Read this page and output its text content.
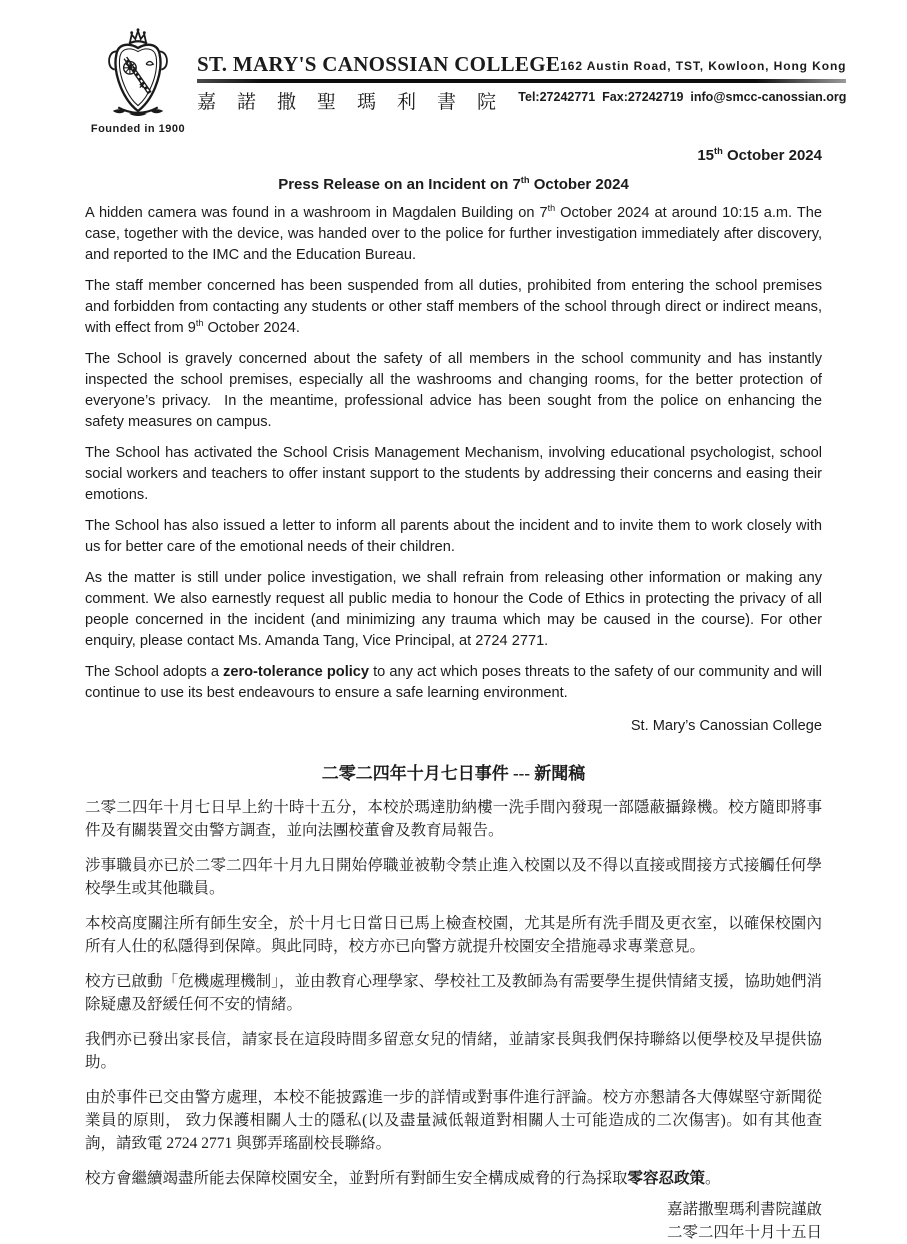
Founded in 1900
ST. MARY'S CANOSSIAN COLLEGE 162 Austin Road, TST, Kowloon, Hong Kong
嘉諾撒聖瑪利書院 Tel:27242771  Fax:27242719  info@smcc-canossian.org
15th October 2024
Press Release on an Incident on 7th October 2024

A hidden camera was found in a washroom in Magdalen Building on 7th October 2024 at around 10:15 a.m. The case, together with the device, was handed over to the police for further investigation immediately after discovery, and reported to the IMC and the Education Bureau.

The staff member concerned has been suspended from all duties, prohibited from entering the school premises and forbidden from contacting any students or other staff members of the school through direct or indirect means, with effect from 9th October 2024.

The School is gravely concerned about the safety of all members in the school community and has instantly inspected the school premises, especially all the washrooms and changing rooms, for the better protection of everyone’s privacy.  In the meantime, professional advice has been sought from the police on enhancing the safety measures on campus.

The School has activated the School Crisis Management Mechanism, involving educational psychologist, school social workers and teachers to offer instant support to the students by addressing their concerns and easing their emotions.

The School has also issued a letter to inform all parents about the incident and to invite them to work closely with us for better care of the emotional needs of their children.

As the matter is still under police investigation, we shall refrain from releasing other information or making any comment. We also earnestly request all public media to honour the Code of Ethics in protecting the privacy of all people concerned in the incident (and minimizing any trauma which may be caused in the course). For other enquiry, please contact Ms. Amanda Tang, Vice Principal, at 2724 2771.

The School adopts a zero-tolerance policy to any act which poses threats to the safety of our community and will continue to use its best endeavours to ensure a safe learning environment.

St. Mary’s Canossian College
二零二四年十月七日事件 --- 新聞稿

二零二四年十月七日早上約十時十五分，本校於瑪達肋納樓一洗手間內發現一部隱蔽攝錄機。校方隨即將事件及有關裝置交由警方調查，並向法團校董會及教育局報告。

涉事職員亦已於二零二四年十月九日開始停職並被勒令禁止進入校園以及不得以直接或間接方式接觸任何學校學生或其他職員。

本校高度關注所有師生安全，於十月七日當日已馬上檢查校園，尤其是所有洗手間及更衣室，以確保校園內所有人仕的私隱得到保障。與此同時，校方亦已向警方就提升校園安全措施尋求專業意見。

校方已啟動「危機處理機制」，並由教育心理學家、學校社工及教師為有需要學生提供情緒支援，協助她們消除疑慮及舒緩任何不安的情緒。

我們亦已發出家長信，請家長在這段時間多留意女兒的情緒，並請家長與我們保持聯絡以便學校及早提供協助。

由於事件已交由警方處理，本校不能披露進一步的詳情或對事件進行評論。校方亦懇請各大傳媒堅守新聞從業員的原則， 致力保護相關人士的隱私(以及盡量減低報道對相關人士可能造成的二次傷害)。如有其他查詢，請致電 2724 2771 與鄧弄瑤副校長聯絡。

校方會繼續竭盡所能去保障校園安全，並對所有對師生安全構成威脅的行為採取零容忍政策。

嘉諾撒聖瑪利書院謹啟
二零二四年十月十五日
